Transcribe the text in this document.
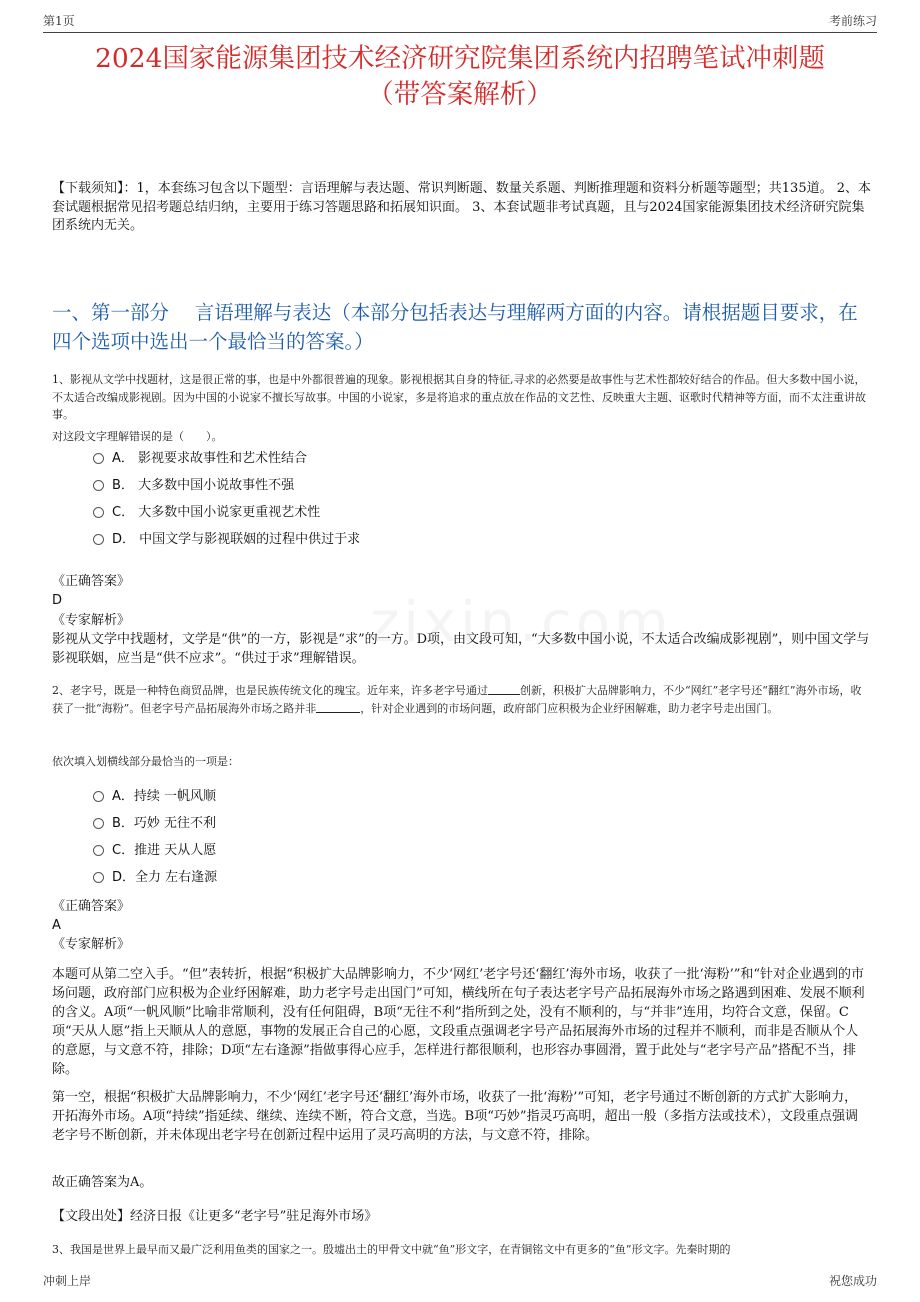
第1页	考前练习
2024国家能源集团技术经济研究院集团系统内招聘笔试冲刺题
（带答案解析）
【下载须知】：1，本套练习包含以下题型：言语理解与表达题、常识判断题、数量关系题、判断推理题和资料分析题等题型；共135道。 2、本套试题根据常见招考题总结归纳，主要用于练习答题思路和拓展知识面。 3、本套试题非考试真题，且与2024国家能源集团技术经济研究院集团系统内无关。
一、第一部分　 言语理解与表达（本部分包括表达与理解两方面的内容。请根据题目要求，在四个选项中选出一个最恰当的答案。）

1、影视从文学中找题材，这是很正常的事，也是中外都很普遍的现象。影视根据其自身的特征,寻求的必然要是故事性与艺术性都较好结合的作品。但大多数中国小说，不太适合改编成影视剧。因为中国的小说家不擅长写故事。中国的小说家，多是将追求的重点放在作品的文艺性、反映重大主题、讴歌时代精神等方面，而不太注重讲故事。

对这段文字理解错误的是（　　）。

A． 影视要求故事性和艺术性结合
B． 大多数中国小说故事性不强
C． 大多数中国小说家更重视艺术性
D． 中国文学与影视联姻的过程中供过于求
《正确答案》
D
《专家解析》

影视从文学中找题材，文学是“供”的一方，影视是“求”的一方。D项，由文段可知，“大多数中国小说，不太适合改编成影视剧”，则中国文学与影视联姻，应当是“供不应求”。“供过于求”理解错误。

2、老字号，既是一种特色商贸品牌，也是民族传统文化的瑰宝。近年来，许多老字号通过	创新，积极扩大品牌影响力，不少“网红”老字号还“翻红”海外市场，收获了一批“海粉”。但老字号产品拓展海外市场之路并非	，针对企业遇到的市场问题，政府部门应积极为企业纾困解难，助力老字号走出国门。

依次填入划横线部分最恰当的一项是：

A．持续 一帆风顺
B．巧妙 无往不利
C．推进 天从人愿
D．全力 左右逢源
《正确答案》
A
《专家解析》

本题可从第二空入手。“但”表转折，根据“积极扩大品牌影响力，不少‘网红’老字号还‘翻红’海外市场，收获了一批‘海粉’”和“针对企业遇到的市场问题，政府部门应积极为企业纾困解难，助力老字号走出国门”可知，横线所在句子表达老字号产品拓展海外市场之路遇到困难、发展不顺利的含义。A项“一帆风顺”比喻非常顺利，没有任何阻碍，B项“无往不利”指所到之处，没有不顺利的，与“并非”连用，均符合文意，保留。C项“天从人愿”指上天顺从人的意愿，事物的发展正合自己的心愿，文段重点强调老字号产品拓展海外市场的过程并不顺利，而非是否顺从个人的意愿，与文意不符，排除；D项“左右逢源”指做事得心应手，怎样进行都很顺利，也形容办事圆滑，置于此处与“老字号产品”搭配不当，排除。

第一空，根据“积极扩大品牌影响力，不少‘网红’老字号还‘翻红’海外市场，收获了一批‘海粉’”可知，老字号通过不断创新的方式扩大影响力，开拓海外市场。A项“持续”指延续、继续、连续不断，符合文意，当选。B项“巧妙”指灵巧高明，超出一般（多指方法或技术），文段重点强调老字号不断创新，并未体现出老字号在创新过程中运用了灵巧高明的方法，与文意不符，排除。

故正确答案为A。

【文段出处】经济日报《让更多“老字号”驻足海外市场》

3、我国是世界上最早而又最广泛利用鱼类的国家之一。殷墟出土的甲骨文中就“鱼”形文字，在青铜铭文中有更多的“鱼”形文字。先秦时期的

冲刺上岸	祝您成功
